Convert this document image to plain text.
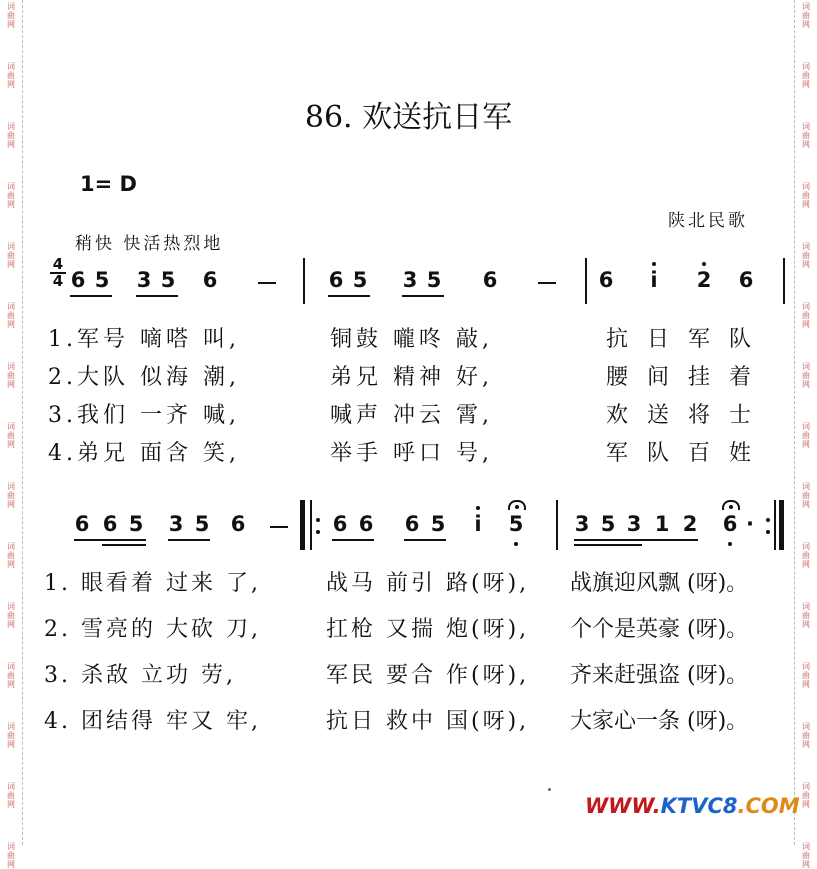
词
曲
网
词
曲
网
词
曲
网
词
曲
网
词
曲
网
词
曲
网
词
曲
网
词
曲
网
词
曲
网
词
曲
网
词
曲
网
词
曲
网
词
曲
网
词
曲
网
词
曲
网
词
曲
网
词
曲
网
词
曲
网
词
曲
网
词
曲
网
词
曲
网
词
曲
网
词
曲
网
词
曲
网
词
曲
网
词
曲
网
词
曲
网
词
曲
网
词
曲
网
词
曲
网
86. 欢送抗日军
1= D
陕北民歌
稍快 快活热烈地
4
4 6 5 3 5 6	6 5 3 5 6	6 i 2 6
1.军号 嘀嗒 叫,	铜鼓 嚨咚 敲,	抗 日 军 队
2.大队 似海 潮,	弟兄 精神 好,	腰 间 挂 着
3.我们 一齐 喊,	喊声 冲云 霄,	欢 送 将 士
4.弟兄 面含 笑,	举手 呼口 号,	军 队 百 姓
6 6 5 3 5 6	6 6 6 5 i 5 3 5 3 1 2 6 ·
1. 眼看着 过来 了,	战马 前引 路(呀), 战旗迎风飘 (呀)。
2. 雪亮的 大砍 刀,	扛枪 又揣 炮(呀), 个个是英豪 (呀)。
3. 杀敌 立功 劳,	军民 要合 作(呀), 齐来赶强盗 (呀)。
4. 团结得 牢又 牢,	抗日 救中 国(呀), 大家心一条 (呀)。
WWW.KTVC8.COM
